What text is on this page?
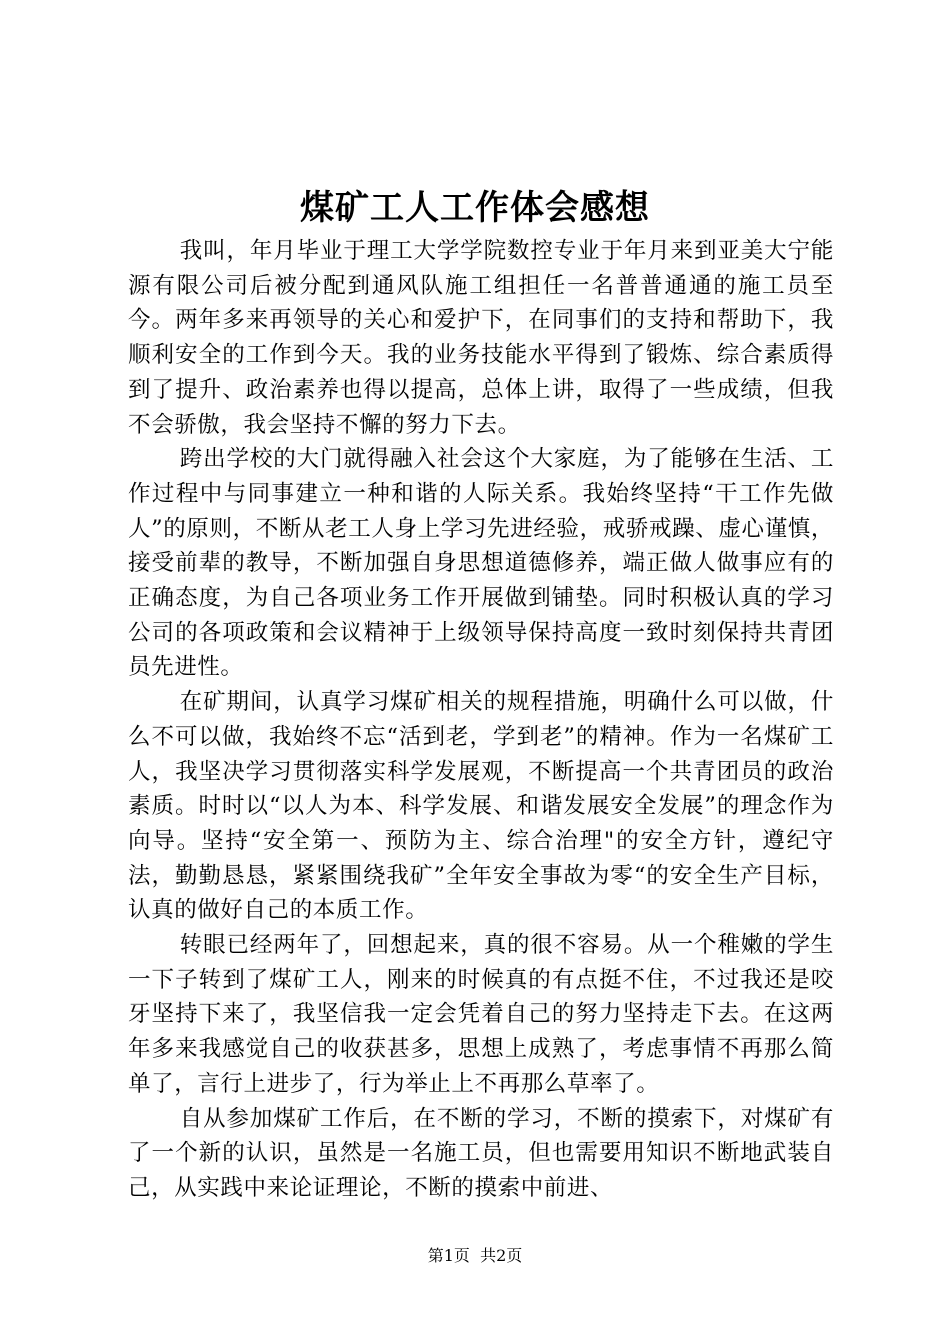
煤矿工人工作体会感想

我叫，年月毕业于理工大学学院数控专业于年月来到亚美大宁能源有限公司后被分配到通风队施工组担任一名普普通通的施工员至今。两年多来再领导的关心和爱护下，在同事们的支持和帮助下，我顺利安全的工作到今天。我的业务技能水平得到了锻炼、综合素质得到了提升、政治素养也得以提高，总体上讲，取得了一些成绩，但我不会骄傲，我会坚持不懈的努力下去。

跨出学校的大门就得融入社会这个大家庭，为了能够在生活、工作过程中与同事建立一种和谐的人际关系。我始终坚持“干工作先做人”的原则，不断从老工人身上学习先进经验，戒骄戒躁、虚心谨慎，接受前辈的教导，不断加强自身思想道德修养，端正做人做事应有的正确态度，为自己各项业务工作开展做到铺垫。同时积极认真的学习公司的各项政策和会议精神于上级领导保持高度一致时刻保持共青团员先进性。

在矿期间，认真学习煤矿相关的规程措施，明确什么可以做，什么不可以做，我始终不忘“活到老，学到老”的精神。作为一名煤矿工人，我坚决学习贯彻落实科学发展观，不断提高一个共青团员的政治素质。时时以“以人为本、科学发展、和谐发展安全发展”的理念作为向导。坚持“安全第一、预防为主、综合治理"的安全方针，遵纪守法，勤勤恳恳，紧紧围绕我矿”全年安全事故为零“的安全生产目标，认真的做好自己的本质工作。

转眼已经两年了，回想起来，真的很不容易。从一个稚嫩的学生一下子转到了煤矿工人，刚来的时候真的有点挺不住，不过我还是咬牙坚持下来了，我坚信我一定会凭着自己的努力坚持走下去。在这两年多来我感觉自己的收获甚多，思想上成熟了，考虑事情不再那么简单了，言行上进步了，行为举止上不再那么草率了。

自从参加煤矿工作后，在不断的学习，不断的摸索下，对煤矿有了一个新的认识，虽然是一名施工员，但也需要用知识不断地武装自己，从实践中来论证理论，不断的摸索中前进、

第1页 共2页
